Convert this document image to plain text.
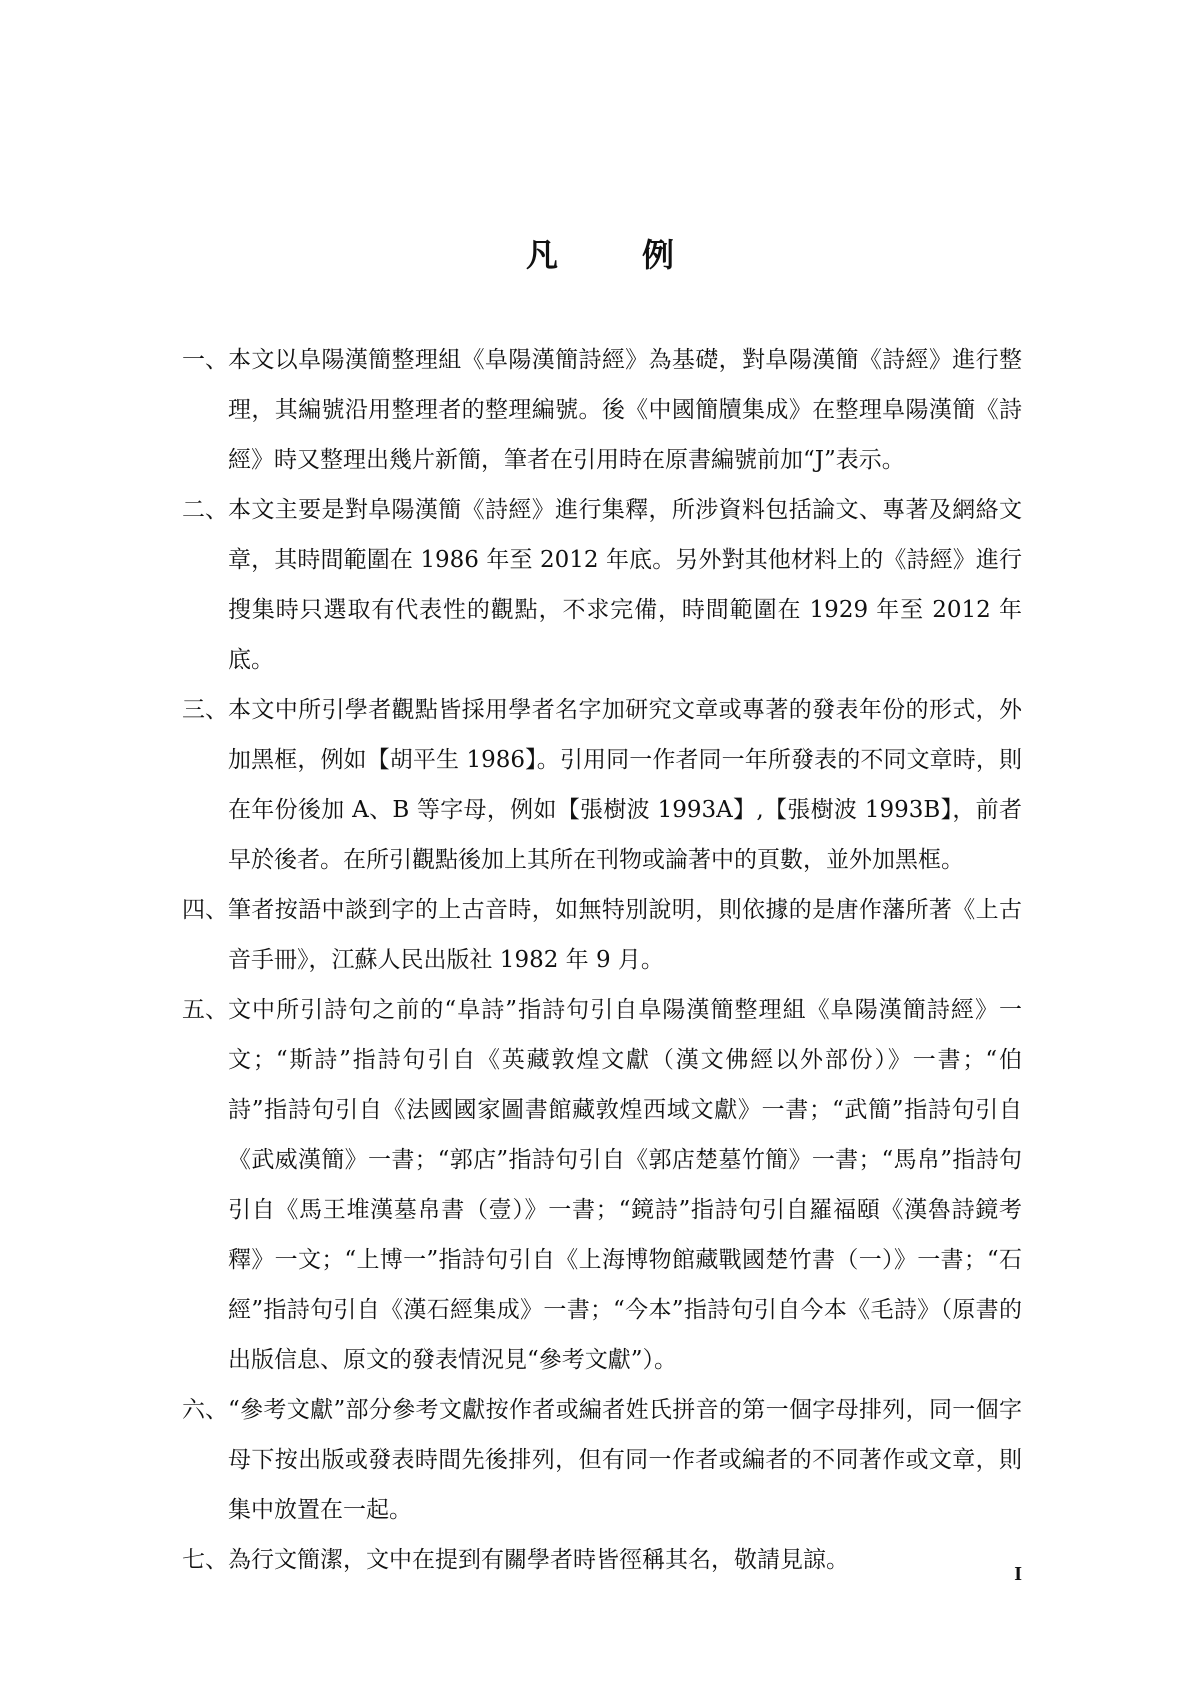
凡　例
一、 本文以阜陽漢簡整理組《阜陽漢簡詩經》為基礎，對阜陽漢簡《詩經》進行整理，其編號沿用整理者的整理編號。後《中國簡牘集成》在整理阜陽漢簡《詩經》時又整理出幾片新簡，筆者在引用時在原書編號前加“J”表示。
二、 本文主要是對阜陽漢簡《詩經》進行集釋，所涉資料包括論文、專著及網絡文章，其時間範圍在 1986 年至 2012 年底。另外對其他材料上的《詩經》進行搜集時只選取有代表性的觀點，不求完備，時間範圍在 1929 年至 2012 年底。
三、 本文中所引學者觀點皆採用學者名字加研究文章或專著的發表年份的形式，外加黑框，例如【胡平生 1986】。引用同一作者同一年所發表的不同文章時，則在年份後加 A、B 等字母，例如【張樹波 1993A】,【張樹波 1993B】，前者早於後者。在所引觀點後加上其所在刊物或論著中的頁數，並外加黑框。
四、 筆者按語中談到字的上古音時，如無特別說明，則依據的是唐作藩所著《上古音手冊》，江蘇人民出版社 1982 年 9 月。
五、 文中所引詩句之前的“阜詩”指詩句引自阜陽漢簡整理組《阜陽漢簡詩經》一文；“斯詩”指詩句引自《英藏敦煌文獻（漢文佛經以外部份）》一書；“伯詩”指詩句引自《法國國家圖書館藏敦煌西域文獻》一書；“武簡”指詩句引自《武威漢簡》一書；“郭店”指詩句引自《郭店楚墓竹簡》一書；“馬帛”指詩句引自《馬王堆漢墓帛書（壹）》一書；“鏡詩”指詩句引自羅福頤《漢魯詩鏡考釋》一文；“上博一”指詩句引自《上海博物館藏戰國楚竹書（一）》一書；“石經”指詩句引自《漢石經集成》一書；“今本”指詩句引自今本《毛詩》（原書的出版信息、原文的發表情況見“參考文獻”）。
六、 “參考文獻”部分參考文獻按作者或編者姓氏拼音的第一個字母排列，同一個字母下按出版或發表時間先後排列，但有同一作者或編者的不同著作或文章，則集中放置在一起。
七、 為行文簡潔，文中在提到有關學者時皆徑稱其名，敬請見諒。
I
